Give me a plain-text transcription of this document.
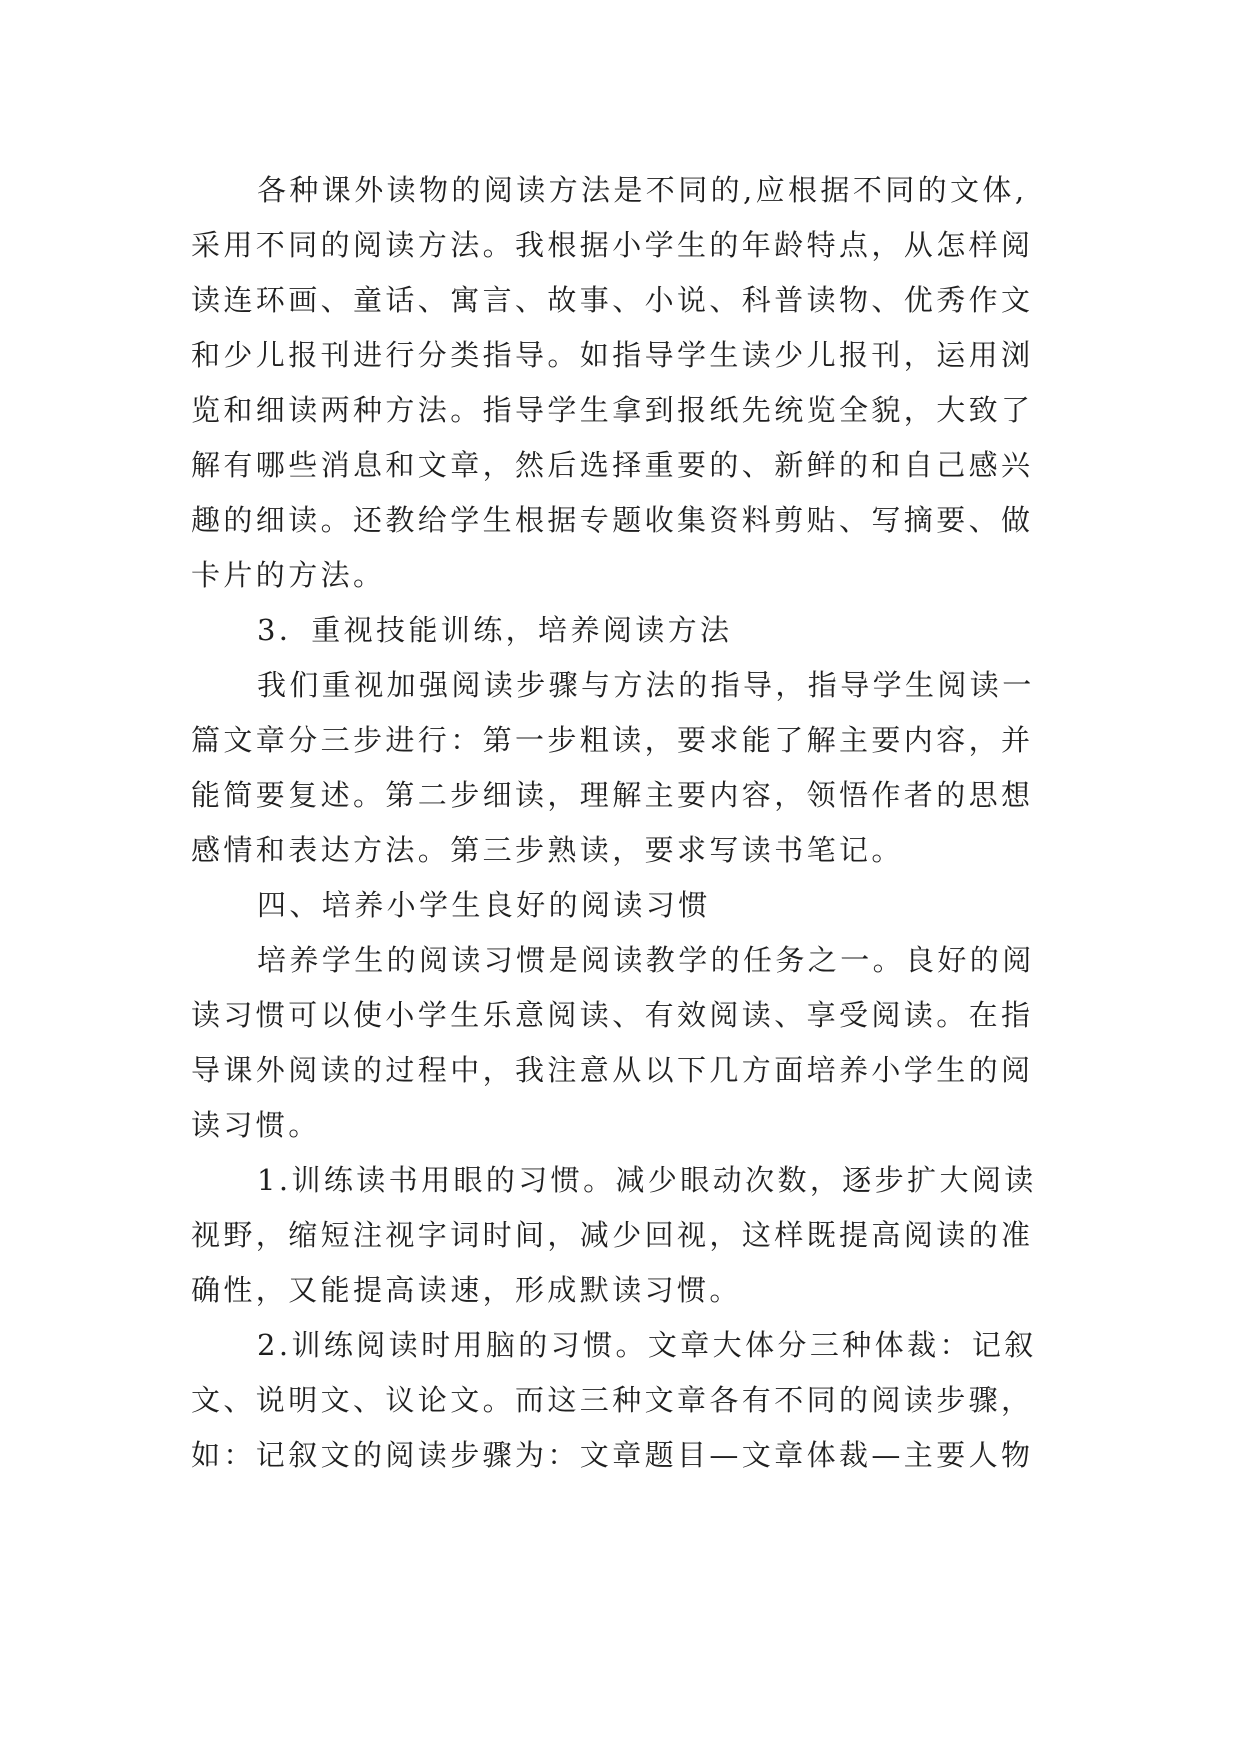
各种课外读物的阅读方法是不同的,应根据不同的文体,
采用不同的阅读方法。我根据小学生的年龄特点，从怎样阅
读连环画、童话、寓言、故事、小说、科普读物、优秀作文
和少儿报刊进行分类指导。如指导学生读少儿报刊，运用浏
览和细读两种方法。指导学生拿到报纸先统览全貌，大致了
解有哪些消息和文章，然后选择重要的、新鲜的和自己感兴
趣的细读。还教给学生根据专题收集资料剪贴、写摘要、做
卡片的方法。
3．重视技能训练，培养阅读方法
我们重视加强阅读步骤与方法的指导，指导学生阅读一
篇文章分三步进行：第一步粗读，要求能了解主要内容，并
能简要复述。第二步细读，理解主要内容，领悟作者的思想
感情和表达方法。第三步熟读，要求写读书笔记。
四、培养小学生良好的阅读习惯
培养学生的阅读习惯是阅读教学的任务之一。良好的阅
读习惯可以使小学生乐意阅读、有效阅读、享受阅读。在指
导课外阅读的过程中，我注意从以下几方面培养小学生的阅
读习惯。
1.训练读书用眼的习惯。减少眼动次数，逐步扩大阅读
视野，缩短注视字词时间，减少回视，这样既提高阅读的准
确性，又能提高读速，形成默读习惯。
2.训练阅读时用脑的习惯。文章大体分三种体裁：记叙
文、说明文、议论文。而这三种文章各有不同的阅读步骤，
如：记叙文的阅读步骤为：文章题目—文章体裁—主要人物
